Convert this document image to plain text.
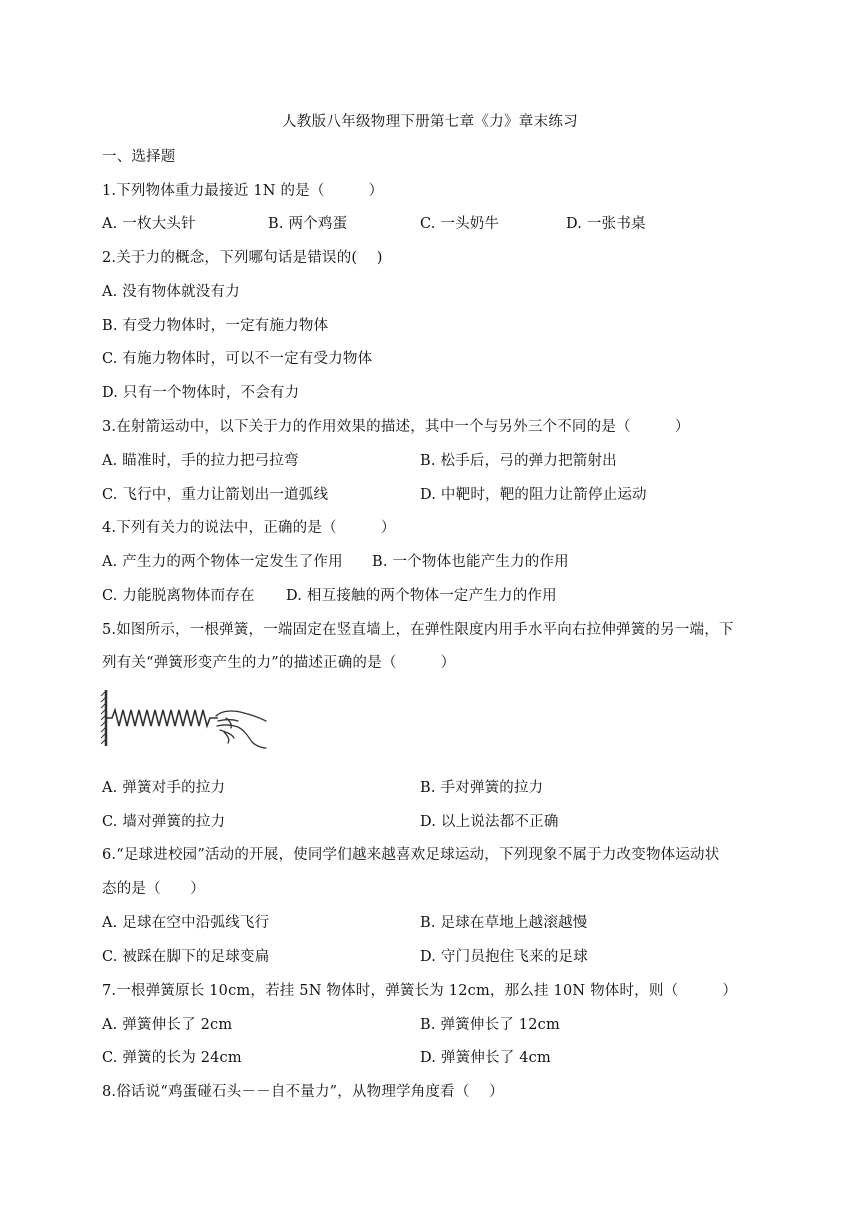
人教版八年级物理下册第七章《力》章末练习
一、选择题
1.下列物体重力最接近 1N 的是（　　　）
A. 一枚大头针	B. 两个鸡蛋	C. 一头奶牛	D. 一张书桌
2.关于力的概念，下列哪句话是错误的(　 )
A. 没有物体就没有力
B. 有受力物体时，一定有施力物体
C. 有施力物体时，可以不一定有受力物体
D. 只有一个物体时，不会有力
3.在射箭运动中，以下关于力的作用效果的描述，其中一个与另外三个不同的是（　　　）
A. 瞄准时，手的拉力把弓拉弯	B. 松手后，弓的弹力把箭射出
C. 飞行中，重力让箭划出一道弧线	D. 中靶时，靶的阻力让箭停止运动
4.下列有关力的说法中，正确的是（　　　）
A. 产生力的两个物体一定发生了作用 B. 一个物体也能产生力的作用
C. 力能脱离物体而存在 D. 相互接触的两个物体一定产生力的作用
5.如图所示，一根弹簧，一端固定在竖直墙上，在弹性限度内用手水平向右拉伸弹簧的另一端，下
列有关“弹簧形变产生的力”的描述正确的是（　　　）
A. 弹簧对手的拉力	B. 手对弹簧的拉力
C. 墙对弹簧的拉力	D. 以上说法都不正确
6.“足球进校园”活动的开展，使同学们越来越喜欢足球运动，下列现象不属于力改变物体运动状
态的是（　　）
A. 足球在空中沿弧线飞行	B. 足球在草地上越滚越慢
C. 被踩在脚下的足球变扁	D. 守门员抱住飞来的足球
7.一根弹簧原长 10cm，若挂 5N 物体时，弹簧长为 12cm，那么挂 10N 物体时，则（　　　）
A. 弹簧伸长了 2cm	B. 弹簧伸长了 12cm
C. 弹簧的长为 24cm	D. 弹簧伸长了 4cm
8.俗话说“鸡蛋碰石头－－自不量力”，从物理学角度看（　 ）
